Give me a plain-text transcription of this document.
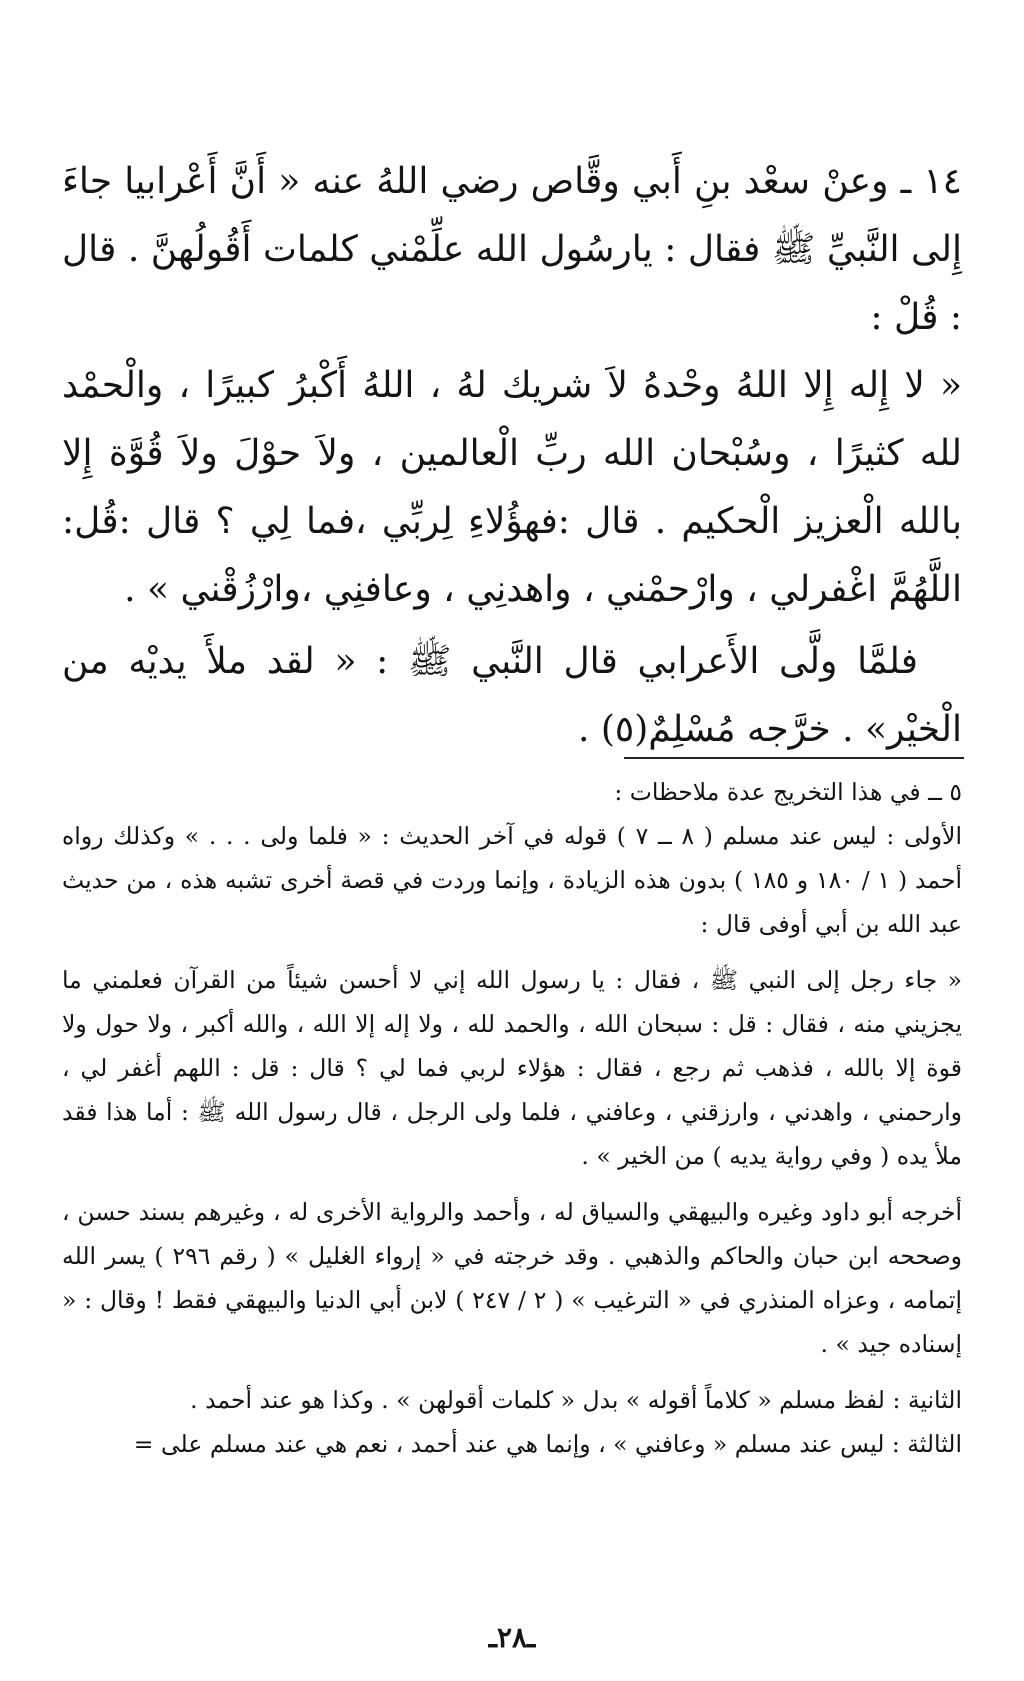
١٤ ـ وعنْ سعْد بنِ أَبي وقَّاص رضي اللهُ عنه « أَنَّ أَعْرابيا جاءَ إِلى النَّبيِّ ﷺ فقال : يارسُول الله علِّمْني كلمات أَقُولُهنَّ . قال : قُلْ :

« لا إِله إِلا اللهُ وحْدهُ لاَ شريك لهُ ، اللهُ أَكْبرُ كبيرًا ، والْحمْد لله كثيرًا ، وسُبْحان الله ربِّ الْعالمين ، ولاَ حوْلَ ولاَ قُوَّة إِلا بالله الْعزيز الْحكيم . قال :فهؤُلاءِ لِربِّي ،فما لِي ؟ قال :قُل: اللَّهُمَّ اغْفرلي ، وارْحمْني ، واهدنِي ، وعافنِي ،وارْزُقْني » .

فلمَّا ولَّى الأَعرابي قال النَّبي ﷺ : « لقد ملأَ يديْه من الْخيْر» . خرَّجه مُسْلِمٌ(٥) .

٥ ــ في هذا التخريج عدة ملاحظات :

الأولى : ليس عند مسلم ( ٨ ــ ٧ ) قوله في آخر الحديث : « فلما ولى . . . » وكذلك رواه أحمد ( ١ / ١٨٠ و ١٨٥ ) بدون هذه الزيادة ، وإنما وردت في قصة أخرى تشبه هذه ، من حديث عبد الله بن أبي أوفى قال :

« جاء رجل إلى النبي ﷺ ، فقال : يا رسول الله إني لا أحسن شيئاً من القرآن فعلمني ما يجزيني منه ، فقال : قل : سبحان الله ، والحمد لله ، ولا إله إلا الله ، والله أكبر ، ولا حول ولا قوة إلا بالله ، فذهب ثم رجع ، فقال : هؤلاء لربي فما لي ؟ قال : قل : اللهم أغفر لي ، وارحمني ، واهدني ، وارزقني ، وعافني ، فلما ولى الرجل ، قال رسول الله ﷺ : أما هذا فقد ملأ يده ( وفي رواية يديه ) من الخير » .

أخرجه أبو داود وغيره والبيهقي والسياق له ، وأحمد والرواية الأخرى له ، وغيرهم بسند حسن ، وصححه ابن حبان والحاكم والذهبي . وقد خرجته في « إرواء الغليل » ( رقم ٢٩٦ ) يسر الله إتمامه ، وعزاه المنذري في « الترغيب » ( ٢ / ٢٤٧ ) لابن أبي الدنيا والبيهقي فقط ! وقال : « إسناده جيد » .

الثانية : لفظ مسلم « كلاماً أقوله » بدل « كلمات أقولهن » . وكذا هو عند أحمد .

الثالثة : ليس عند مسلم « وعافني » ، وإنما هي عند أحمد ، نعم هي عند مسلم على =

ـ٢٨ـ
